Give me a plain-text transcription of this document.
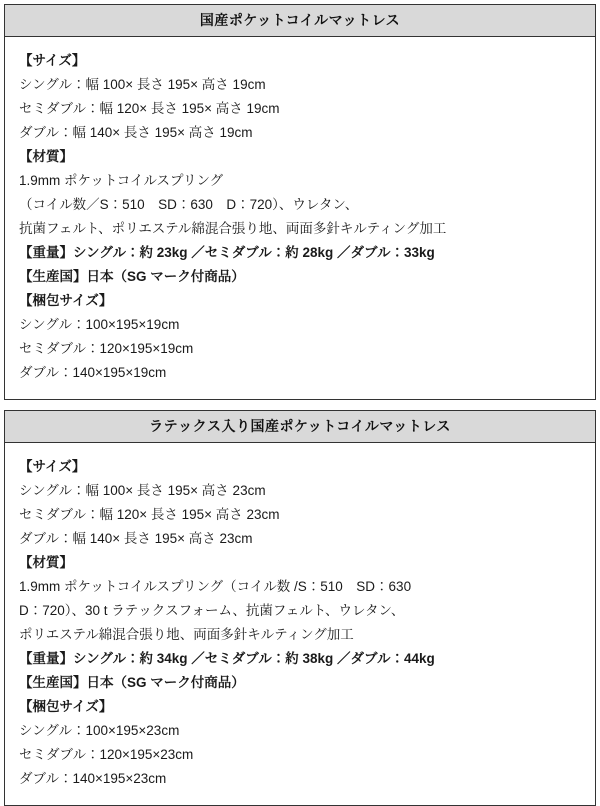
国産ポケットコイルマットレス
【サイズ】
シングル：幅 100× 長さ 195× 高さ 19cm
セミダブル：幅 120× 長さ 195× 高さ 19cm
ダブル：幅 140× 長さ 195× 高さ 19cm
【材質】
1.9mm ポケットコイルスプリング
（コイル数／S：510　SD：630　D：720）、ウレタン、
抗菌フェルト、ポリエステル綿混合張り地、両面多針キルティング加工
【重量】シングル：約 23kg ／セミダブル：約 28kg ／ダブル：33kg
【生産国】日本（SG マーク付商品）
【梱包サイズ】
シングル：100×195×19cm
セミダブル：120×195×19cm
ダブル：140×195×19cm
ラテックス入り国産ポケットコイルマットレス
【サイズ】
シングル：幅 100× 長さ 195× 高さ 23cm
セミダブル：幅 120× 長さ 195× 高さ 23cm
ダブル：幅 140× 長さ 195× 高さ 23cm
【材質】
1.9mm ポケットコイルスプリング（コイル数 /S：510　SD：630
D：720）、30 t ラテックスフォーム、抗菌フェルト、ウレタン、
ポリエステル綿混合張り地、両面多針キルティング加工
【重量】シングル：約 34kg ／セミダブル：約 38kg ／ダブル：44kg
【生産国】日本（SG マーク付商品）
【梱包サイズ】
シングル：100×195×23cm
セミダブル：120×195×23cm
ダブル：140×195×23cm
